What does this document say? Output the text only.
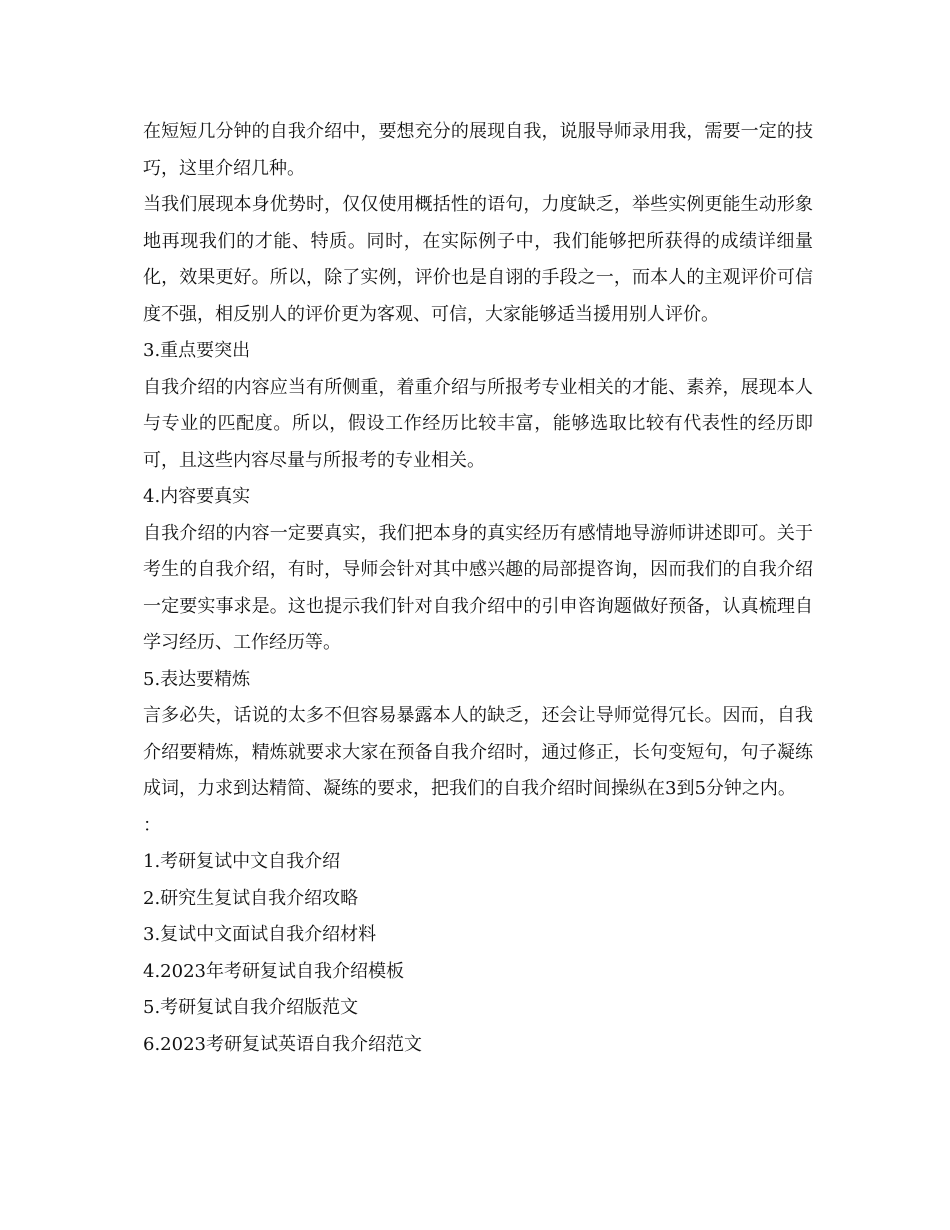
在短短几分钟的自我介绍中，要想充分的展现自我，说服导师录用我，需要一定的技巧，这里介绍几种。

当我们展现本身优势时，仅仅使用概括性的语句，力度缺乏，举些实例更能生动形象地再现我们的才能、特质。同时，在实际例子中，我们能够把所获得的成绩详细量化，效果更好。所以，除了实例，评价也是自诩的手段之一，而本人的主观评价可信度不强，相反别人的评价更为客观、可信，大家能够适当援用别人评价。

3.重点要突出

自我介绍的内容应当有所侧重，着重介绍与所报考专业相关的才能、素养，展现本人与专业的匹配度。所以，假设工作经历比较丰富，能够选取比较有代表性的经历即可，且这些内容尽量与所报考的专业相关。

4.内容要真实

自我介绍的内容一定要真实，我们把本身的真实经历有感情地导游师讲述即可。关于考生的自我介绍，有时，导师会针对其中感兴趣的局部提咨询，因而我们的自我介绍一定要实事求是。这也提示我们针对自我介绍中的引申咨询题做好预备，认真梳理自学习经历、工作经历等。

5.表达要精炼

言多必失，话说的太多不但容易暴露本人的缺乏，还会让导师觉得冗长。因而，自我介绍要精炼，精炼就要求大家在预备自我介绍时，通过修正，长句变短句，句子凝练成词，力求到达精简、凝练的要求，把我们的自我介绍时间操纵在3到5分钟之内。

：

1.考研复试中文自我介绍
2.研究生复试自我介绍攻略
3.复试中文面试自我介绍材料
4.2023年考研复试自我介绍模板
5.考研复试自我介绍版范文
6.2023考研复试英语自我介绍范文
